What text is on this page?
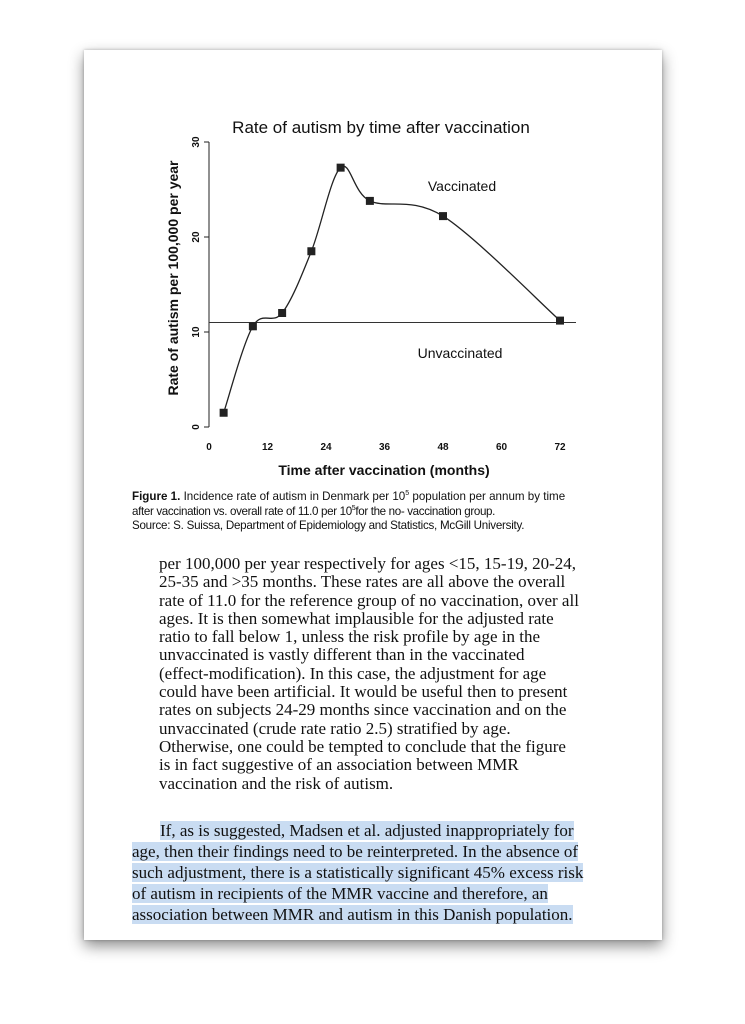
Rate of autism by time after vaccination
Rate of autism per 100,000 per year
Time after vaccination (months)
0
10
20
30
0	12	24	36	48	60	72
Vaccinated
Unvaccinated
Figure 1. Incidence rate of autism in Denmark per $10^5$ population per annum by time
after vaccination vs. overall rate of 11.0 per $10^5for$ the no- vaccination group.
Source: S. Suissa, Department of Epidemiology and Statistics, McGill University.
per 100,000 per year respectively for ages <15, 15-19, 20-24,
25-35 and >35 months. These rates are all above the overall
rate of 11.0 for the reference group of no vaccination, over all
ages. It is then somewhat implausible for the adjusted rate
ratio to fall below 1, unless the risk profile by age in the
unvaccinated is vastly different than in the vaccinated
(effect-modification). In this case, the adjustment for age
could have been artificial. It would be useful then to present
rates on subjects 24-29 months since vaccination and on the
unvaccinated (crude rate ratio 2.5) stratified by age.
Otherwise, one could be tempted to conclude that the figure
is in fact suggestive of an association between MMR
vaccination and the risk of autism.
If, as is suggested, Madsen et al. adjusted inappropriately for
age, then their findings need to be reinterpreted. In the absence of
such adjustment, there is a statistically significant 45% excess risk
of autism in recipients of the MMR vaccine and therefore, an
association between MMR and autism in this Danish population.
